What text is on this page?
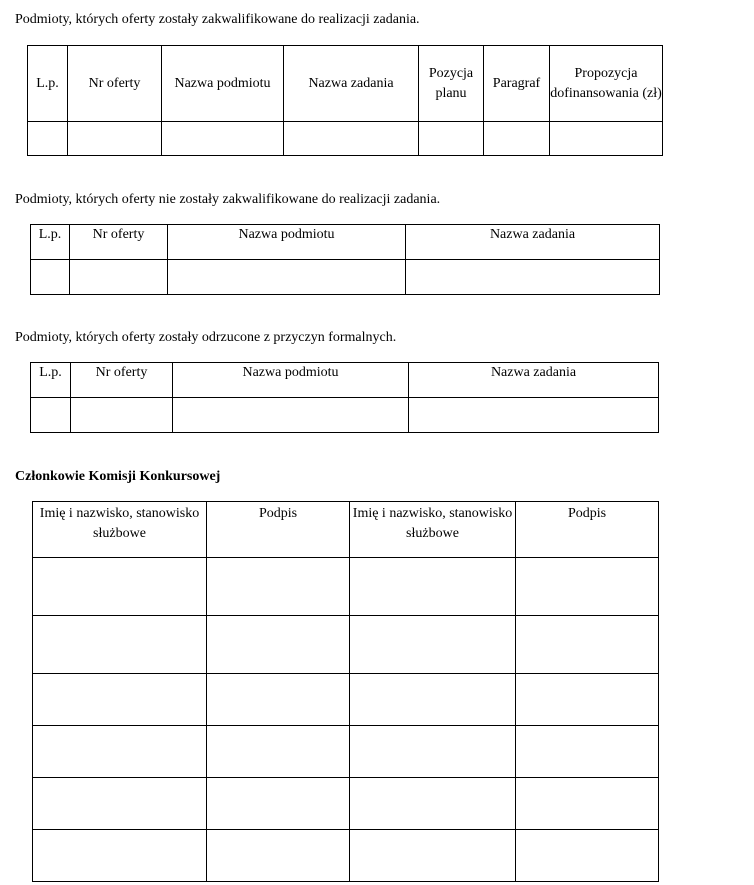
Podmioty, których oferty zostały zakwalifikowane do realizacji zadania.
L.p.	Nr oferty	Nazwa podmiotu	Nazwa zadania	Pozycja planu	Paragraf	Propozycja dofinansowania (zł)

Podmioty, których oferty nie zostały zakwalifikowane do realizacji zadania.
L.p.	Nr oferty	Nazwa podmiotu	Nazwa zadania

Podmioty, których oferty zostały odrzucone z przyczyn formalnych.
L.p.	Nr oferty	Nazwa podmiotu	Nazwa zadania

Członkowie Komisji Konkursowej
Imię i nazwisko, stanowisko służbowe	Podpis	Imię i nazwisko, stanowisko służbowe	Podpis
